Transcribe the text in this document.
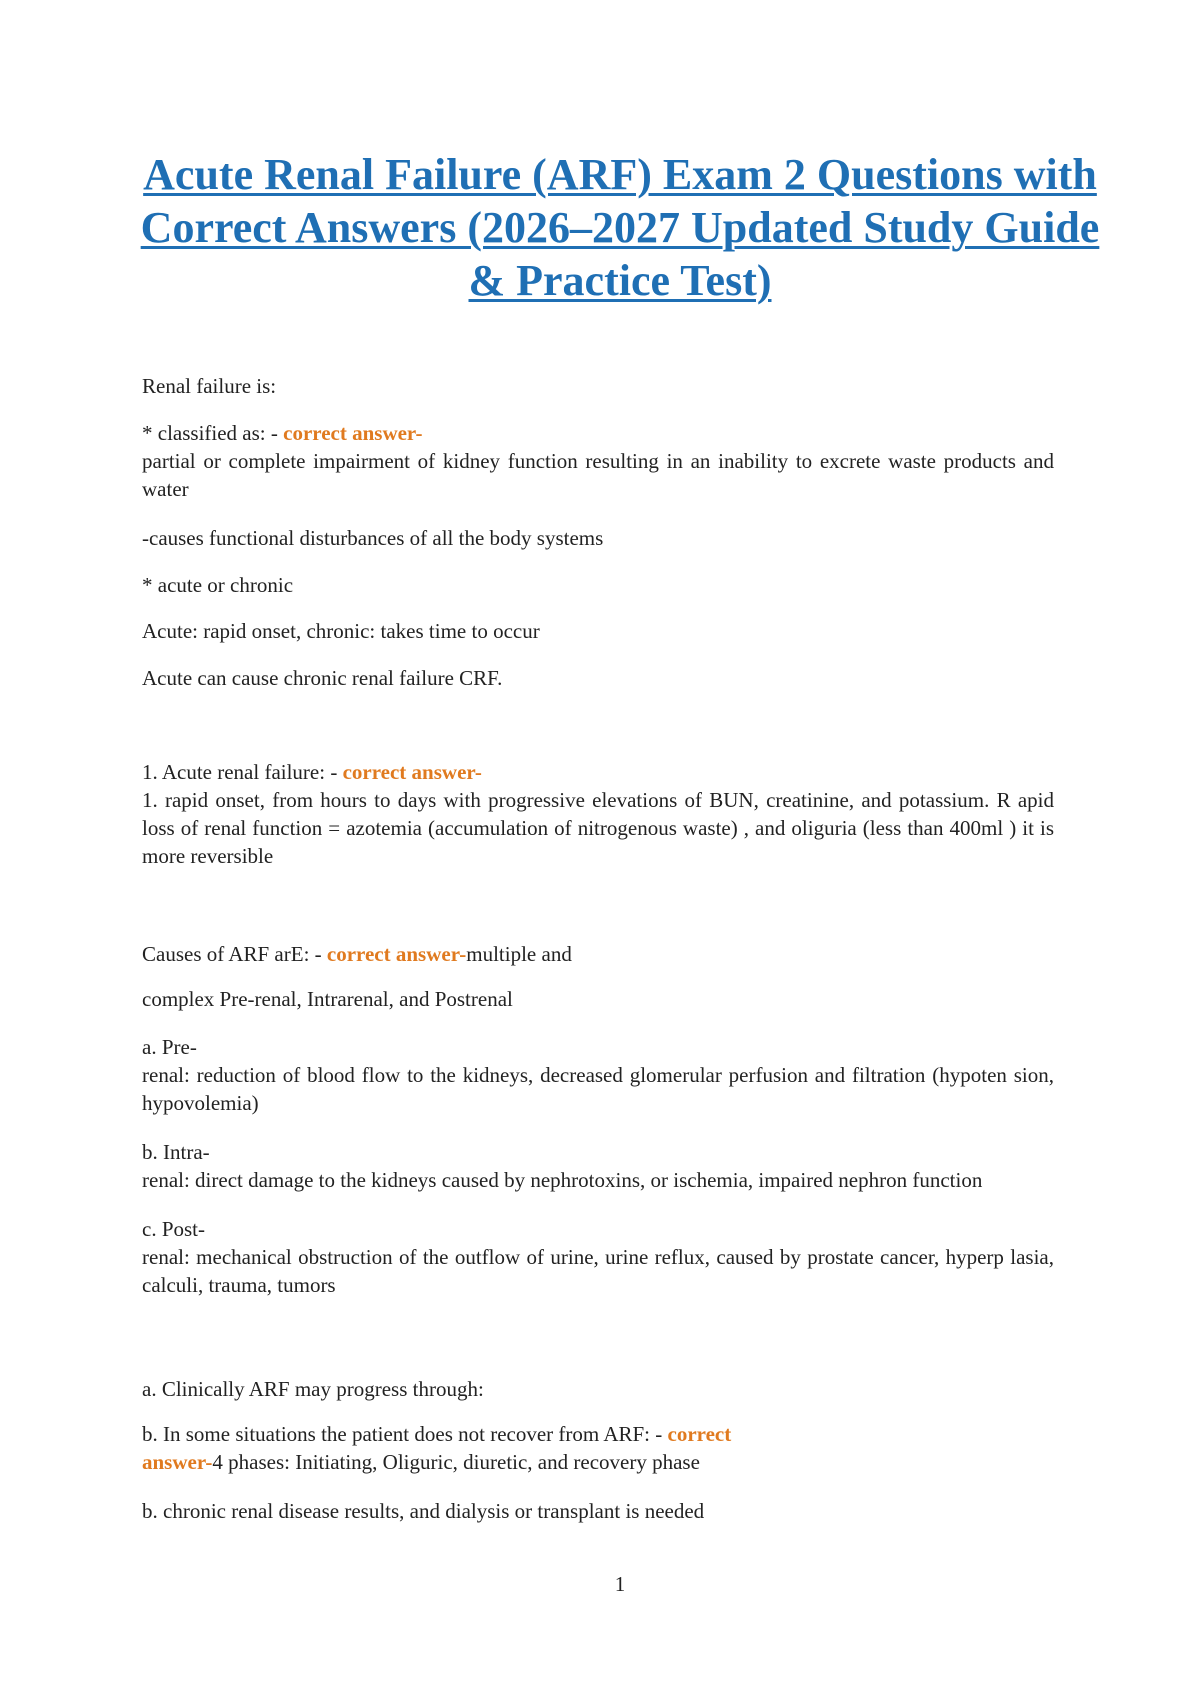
Acute Renal Failure (ARF) Exam 2 Questions with Correct Answers (2026–2027 Updated Study Guide & Practice Test)

Renal failure is:

* classified as: - correct answer-
partial or complete impairment of kidney function resulting in an inability to excrete waste products and water

-causes functional disturbances of all the body systems

* acute or chronic

Acute: rapid onset, chronic: takes time to occur

Acute can cause chronic renal failure CRF.

1. Acute renal failure: - correct answer-
1. rapid onset, from hours to days with progressive elevations of BUN, creatinine, and potassium. R apid loss of renal function = azotemia (accumulation of nitrogenous waste) , and oliguria (less than 400ml ) it is more reversible

Causes of ARF arE: - correct answer-multiple and

complex Pre-renal, Intrarenal, and Postrenal

a. Pre-
renal: reduction of blood flow to the kidneys, decreased glomerular perfusion and filtration (hypoten sion, hypovolemia)

b. Intra-
renal: direct damage to the kidneys caused by nephrotoxins, or ischemia, impaired nephron function

c. Post-
renal: mechanical obstruction of the outflow of urine, urine reflux, caused by prostate cancer, hyperp lasia, calculi, trauma, tumors

a. Clinically ARF may progress through:

b. In some situations the patient does not recover from ARF: - correct
answer-4 phases: Initiating, Oliguric, diuretic, and recovery phase

b. chronic renal disease results, and dialysis or transplant is needed

1
